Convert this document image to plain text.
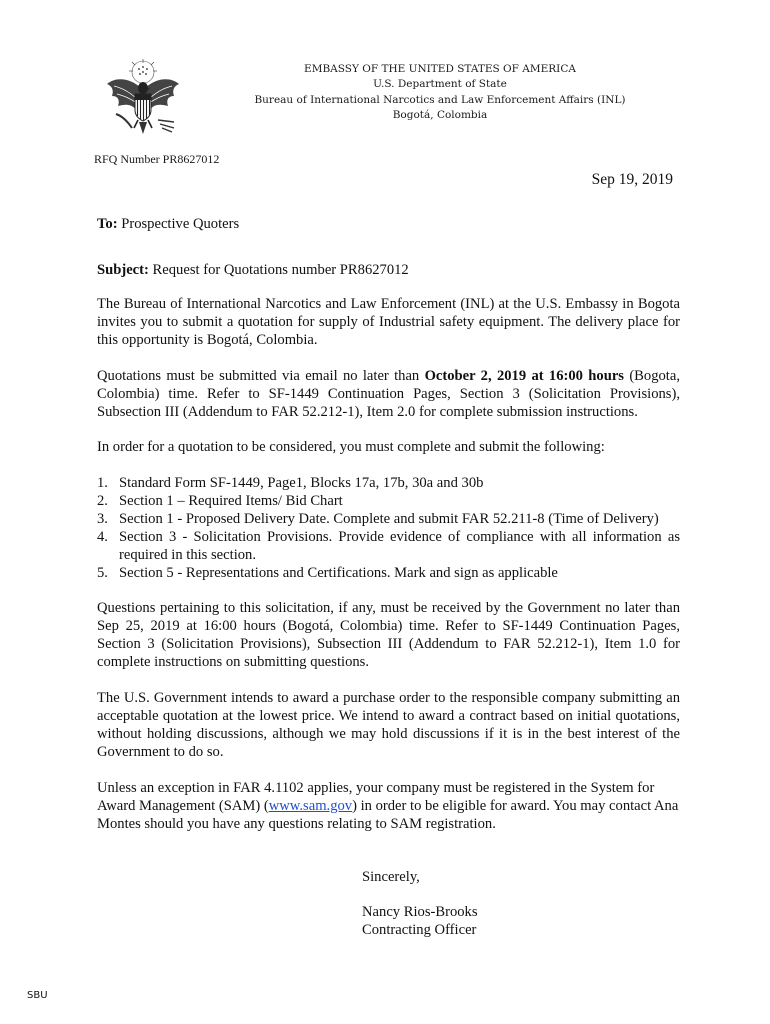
EMBASSY OF THE UNITED STATES OF AMERICA
U.S. Department of State
Bureau of International Narcotics and Law Enforcement Affairs (INL)
Bogotá, Colombia
RFQ Number PR8627012
Sep 19, 2019
To: Prospective Quoters
Subject: Request for Quotations number PR8627012
The Bureau of International Narcotics and Law Enforcement (INL) at the U.S. Embassy in Bogota invites you to submit a quotation for supply of Industrial safety equipment. The delivery place for this opportunity is Bogotá, Colombia.
Quotations must be submitted via email no later than October 2, 2019 at 16:00 hours (Bogota, Colombia) time. Refer to SF-1449 Continuation Pages, Section 3 (Solicitation Provisions), Subsection III (Addendum to FAR 52.212-1), Item 2.0 for complete submission instructions.
In order for a quotation to be considered, you must complete and submit the following:
1. Standard Form SF-1449, Page1, Blocks 17a, 17b, 30a and 30b
2. Section 1 – Required Items/ Bid Chart
3. Section 1 - Proposed Delivery Date. Complete and submit FAR 52.211-8 (Time of Delivery)
4. Section 3 - Solicitation Provisions. Provide evidence of compliance with all information as required in this section.
5. Section 5 - Representations and Certifications. Mark and sign as applicable
Questions pertaining to this solicitation, if any, must be received by the Government no later than Sep 25, 2019 at 16:00 hours (Bogotá, Colombia) time. Refer to SF-1449 Continuation Pages, Section 3 (Solicitation Provisions), Subsection III (Addendum to FAR 52.212-1), Item 1.0 for complete instructions on submitting questions.
The U.S. Government intends to award a purchase order to the responsible company submitting an acceptable quotation at the lowest price. We intend to award a contract based on initial quotations, without holding discussions, although we may hold discussions if it is in the best interest of the Government to do so.
Unless an exception in FAR 4.1102 applies, your company must be registered in the System for Award Management (SAM) (www.sam.gov) in order to be eligible for award. You may contact Ana Montes should you have any questions relating to SAM registration.
Sincerely,
Nancy Rios-Brooks
Contracting Officer
SBU
